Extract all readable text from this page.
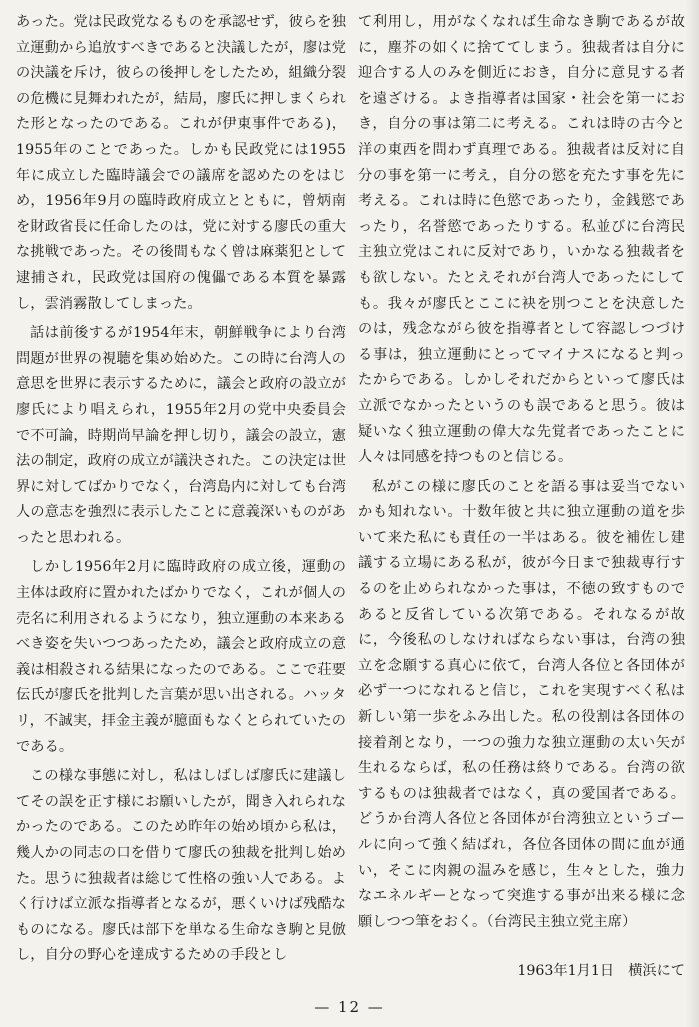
あった。党は民政党なるものを承認せず，彼らを独立運動から追放すべきであると決議したが，廖は党の決議を斥け，彼らの後押しをしたため，組織分裂の危機に見舞われたが，結局，廖氏に押しまくられた形となったのである。これが伊東事件である)，1955年のことであった。しかも民政党には1955年に成立した臨時議会での議席を認めたのをはじめ，1956年9月の臨時政府成立とともに，曾炳南を財政省長に任命したのは，党に対する廖氏の重大な挑戦であった。その後間もなく曾は麻薬犯として逮捕され，民政党は国府の傀儡である本質を暴露し，雲消霧散してしまった。

話は前後するが1954年末，朝鮮戦争により台湾問題が世界の視聴を集め始めた。この時に台湾人の意思を世界に表示するために，議会と政府の設立が廖氏により唱えられ，1955年2月の党中央委員会で不可論，時期尚早論を押し切り，議会の設立，憲法の制定，政府の成立が議決された。この決定は世界に対してばかりでなく，台湾島内に対しても台湾人の意志を強烈に表示したことに意義深いものがあったと思われる。

しかし1956年2月に臨時政府の成立後，運動の主体は政府に置かれたばかりでなく，これが個人の売名に利用されるようになり，独立運動の本来あるべき姿を失いつつあったため，議会と政府成立の意義は相殺される結果になったのである。ここで荘要伝氏が廖氏を批判した言葉が思い出される。ハッタリ，不誠実，拝金主義が臆面もなくとられていたのである。

この様な事態に対し，私はしばしば廖氏に建議してその誤を正す様にお願いしたが，聞き入れられなかったのである。このため昨年の始め頃から私は，幾人かの同志の口を借りて廖氏の独裁を批判し始めた。思うに独裁者は総じて性格の強い人である。よく行けば立派な指導者となるが，悪くいけば残酷なものになる。廖氏は部下を単なる生命なき駒と見倣し，自分の野心を達成するための手段とし

て利用し，用がなくなれば生命なき駒であるが故に，塵芥の如くに捨ててしまう。独裁者は自分に迎合する人のみを側近におき，自分に意見する者を遠ざける。よき指導者は国家・社会を第一におき，自分の事は第二に考える。これは時の古今と洋の東西を問わず真理である。独裁者は反対に自分の事を第一に考え，自分の慾を充たす事を先に考える。これは時に色慾であったり，金銭慾であったり，名誉慾であったりする。私並びに台湾民主独立党はこれに反対であり，いかなる独裁者をも欲しない。たとえそれが台湾人であったにしても。我々が廖氏とここに袂を別つことを決意したのは，残念ながら彼を指導者として容認しつづける事は，独立運動にとってマイナスになると判ったからである。しかしそれだからといって廖氏は立派でなかったというのも誤であると思う。彼は疑いなく独立運動の偉大な先覚者であったことに人々は同感を持つものと信じる。

私がこの様に廖氏のことを語る事は妥当でないかも知れない。十数年彼と共に独立運動の道を歩いて来た私にも責任の一半はある。彼を補佐し建議する立場にある私が，彼が今日まで独裁専行するのを止められなかった事は，不徳の致すものであると反省している次第である。それなるが故に，今後私のしなければならない事は，台湾の独立を念願する真心に依て，台湾人各位と各団体が必ず一つになれると信じ，これを実現すべく私は新しい第一歩をふみ出した。私の役割は各団体の接着剤となり，一つの強力な独立運動の太い矢が生れるならば，私の任務は終りである。台湾の欲するものは独裁者ではなく，真の愛国者である。どうか台湾人各位と各団体が台湾独立というゴールに向って強く結ばれ，各位各団体の間に血が通い，そこに肉親の温みを感じ，生々とした，強力なエネルギーとなって突進する事が出来る様に念願しつつ筆をおく。（台湾民主独立党主席）

1963年1月1日　横浜にて
— 12 —
